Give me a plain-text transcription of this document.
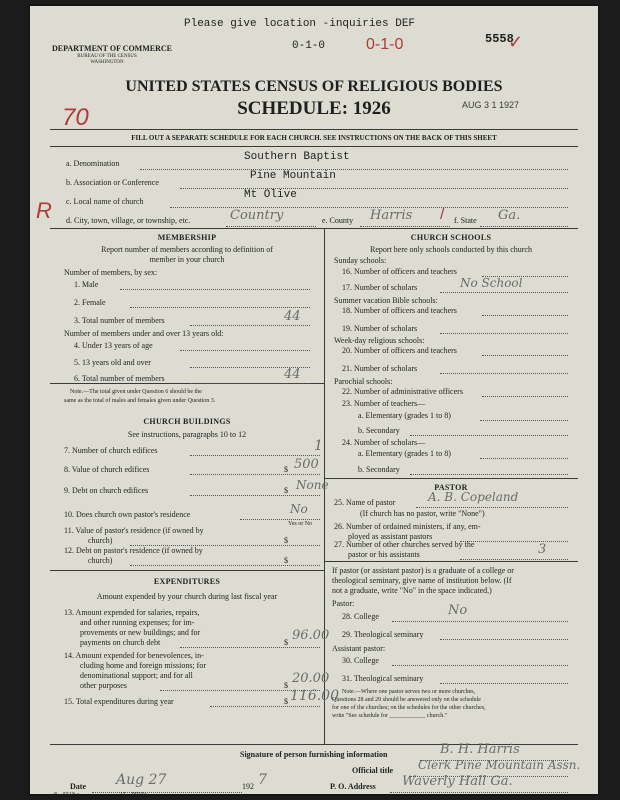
Please give location -inquiries DEF
5558
✓
DEPARTMENT OF COMMERCE
BUREAU OF THE CENSUS
WASHINGTON
0-1-0	0-1-0
UNITED STATES CENSUS OF RELIGIOUS BODIES
SCHEDULE: 1926	AUG 3 1 1927
70
FILL OUT A SEPARATE SCHEDULE FOR EACH CHURCH. SEE INSTRUCTIONS ON THE BACK OF THIS SHEET
a. Denomination
Southern Baptist
b. Association or Conference
Pine Mountain
c. Local name of church
Mt Olive
R d. City, town, village, or township, etc.	Country	e. County Harris / f. State Ga.
MEMBERSHIP
Report number of members according to definition of
member in your church
Number of members, by sex:
1. Male
2. Female
3. Total number of members	44
Number of members under and over 13 years old:
4. Under 13 years of age
5. 13 years old and over
6. Total number of members	44
Note.—The total given under Question 6 should be the
same as the total of males and females given under Question 3.
CHURCH BUILDINGS
See instructions, paragraphs 10 to 12
7. Number of church edifices	1
8. Value of church edifices	$ 500
9. Debt on church edifices	$ None
10. Does church own pastor's residence	No
Yes or No
11. Value of pastor's residence (if owned by
church)	$
12. Debt on pastor's residence (if owned by
church)	$
EXPENDITURES
Amount expended by your church during last fiscal year
13. Amount expended for salaries, repairs,
and other running expenses; for im-
provements or new buildings; and for
payments on church debt	$ 96.00
14. Amount expended for benevolences, in-
cluding home and foreign missions; for
denominational support; and for all
other purposes	$ 20.00
15. Total expenditures during year	$ 116.00
CHURCH SCHOOLS
Report here only schools conducted by this church
Sunday schools:
16. Number of officers and teachers
17. Number of scholars	No School
Summer vacation Bible schools:
18. Number of officers and teachers
19. Number of scholars
Week-day religious schools:
20. Number of officers and teachers
21. Number of scholars
Parochial schools:
22. Number of administrative officers
23. Number of teachers—
a. Elementary (grades 1 to 8)
b. Secondary
24. Number of scholars—
a. Elementary (grades 1 to 8)
b. Secondary
PASTOR
25. Name of pastor	A. B. Copeland
(If church has no pastor, write "None")
26. Number of ordained ministers, if any, em-
ployed as assistant pastors
27. Number of other churches served by the
pastor or his assistants	3
If pastor (or assistant pastor) is a graduate of a college or
theological seminary, give name of institution below. (If
not a graduate, write "No" in the space indicated.)
Pastor:
28. College	No
29. Theological seminary
Assistant pastor:
30. College
31. Theological seminary
Note.—Where one pastor serves two or more churches,
Questions 28 and 29 should be answered only on the schedule
for one of the churches; on the schedules for the other churches,
write "See schedule for ____________ church."
Signature of person furnishing information	B. H. Harris
Official title Clerk Pine Mountain Assn.
Date Aug 27	192 7	P. O. Address Waverly Hall Ga.
8—5518 a	11—9024a
